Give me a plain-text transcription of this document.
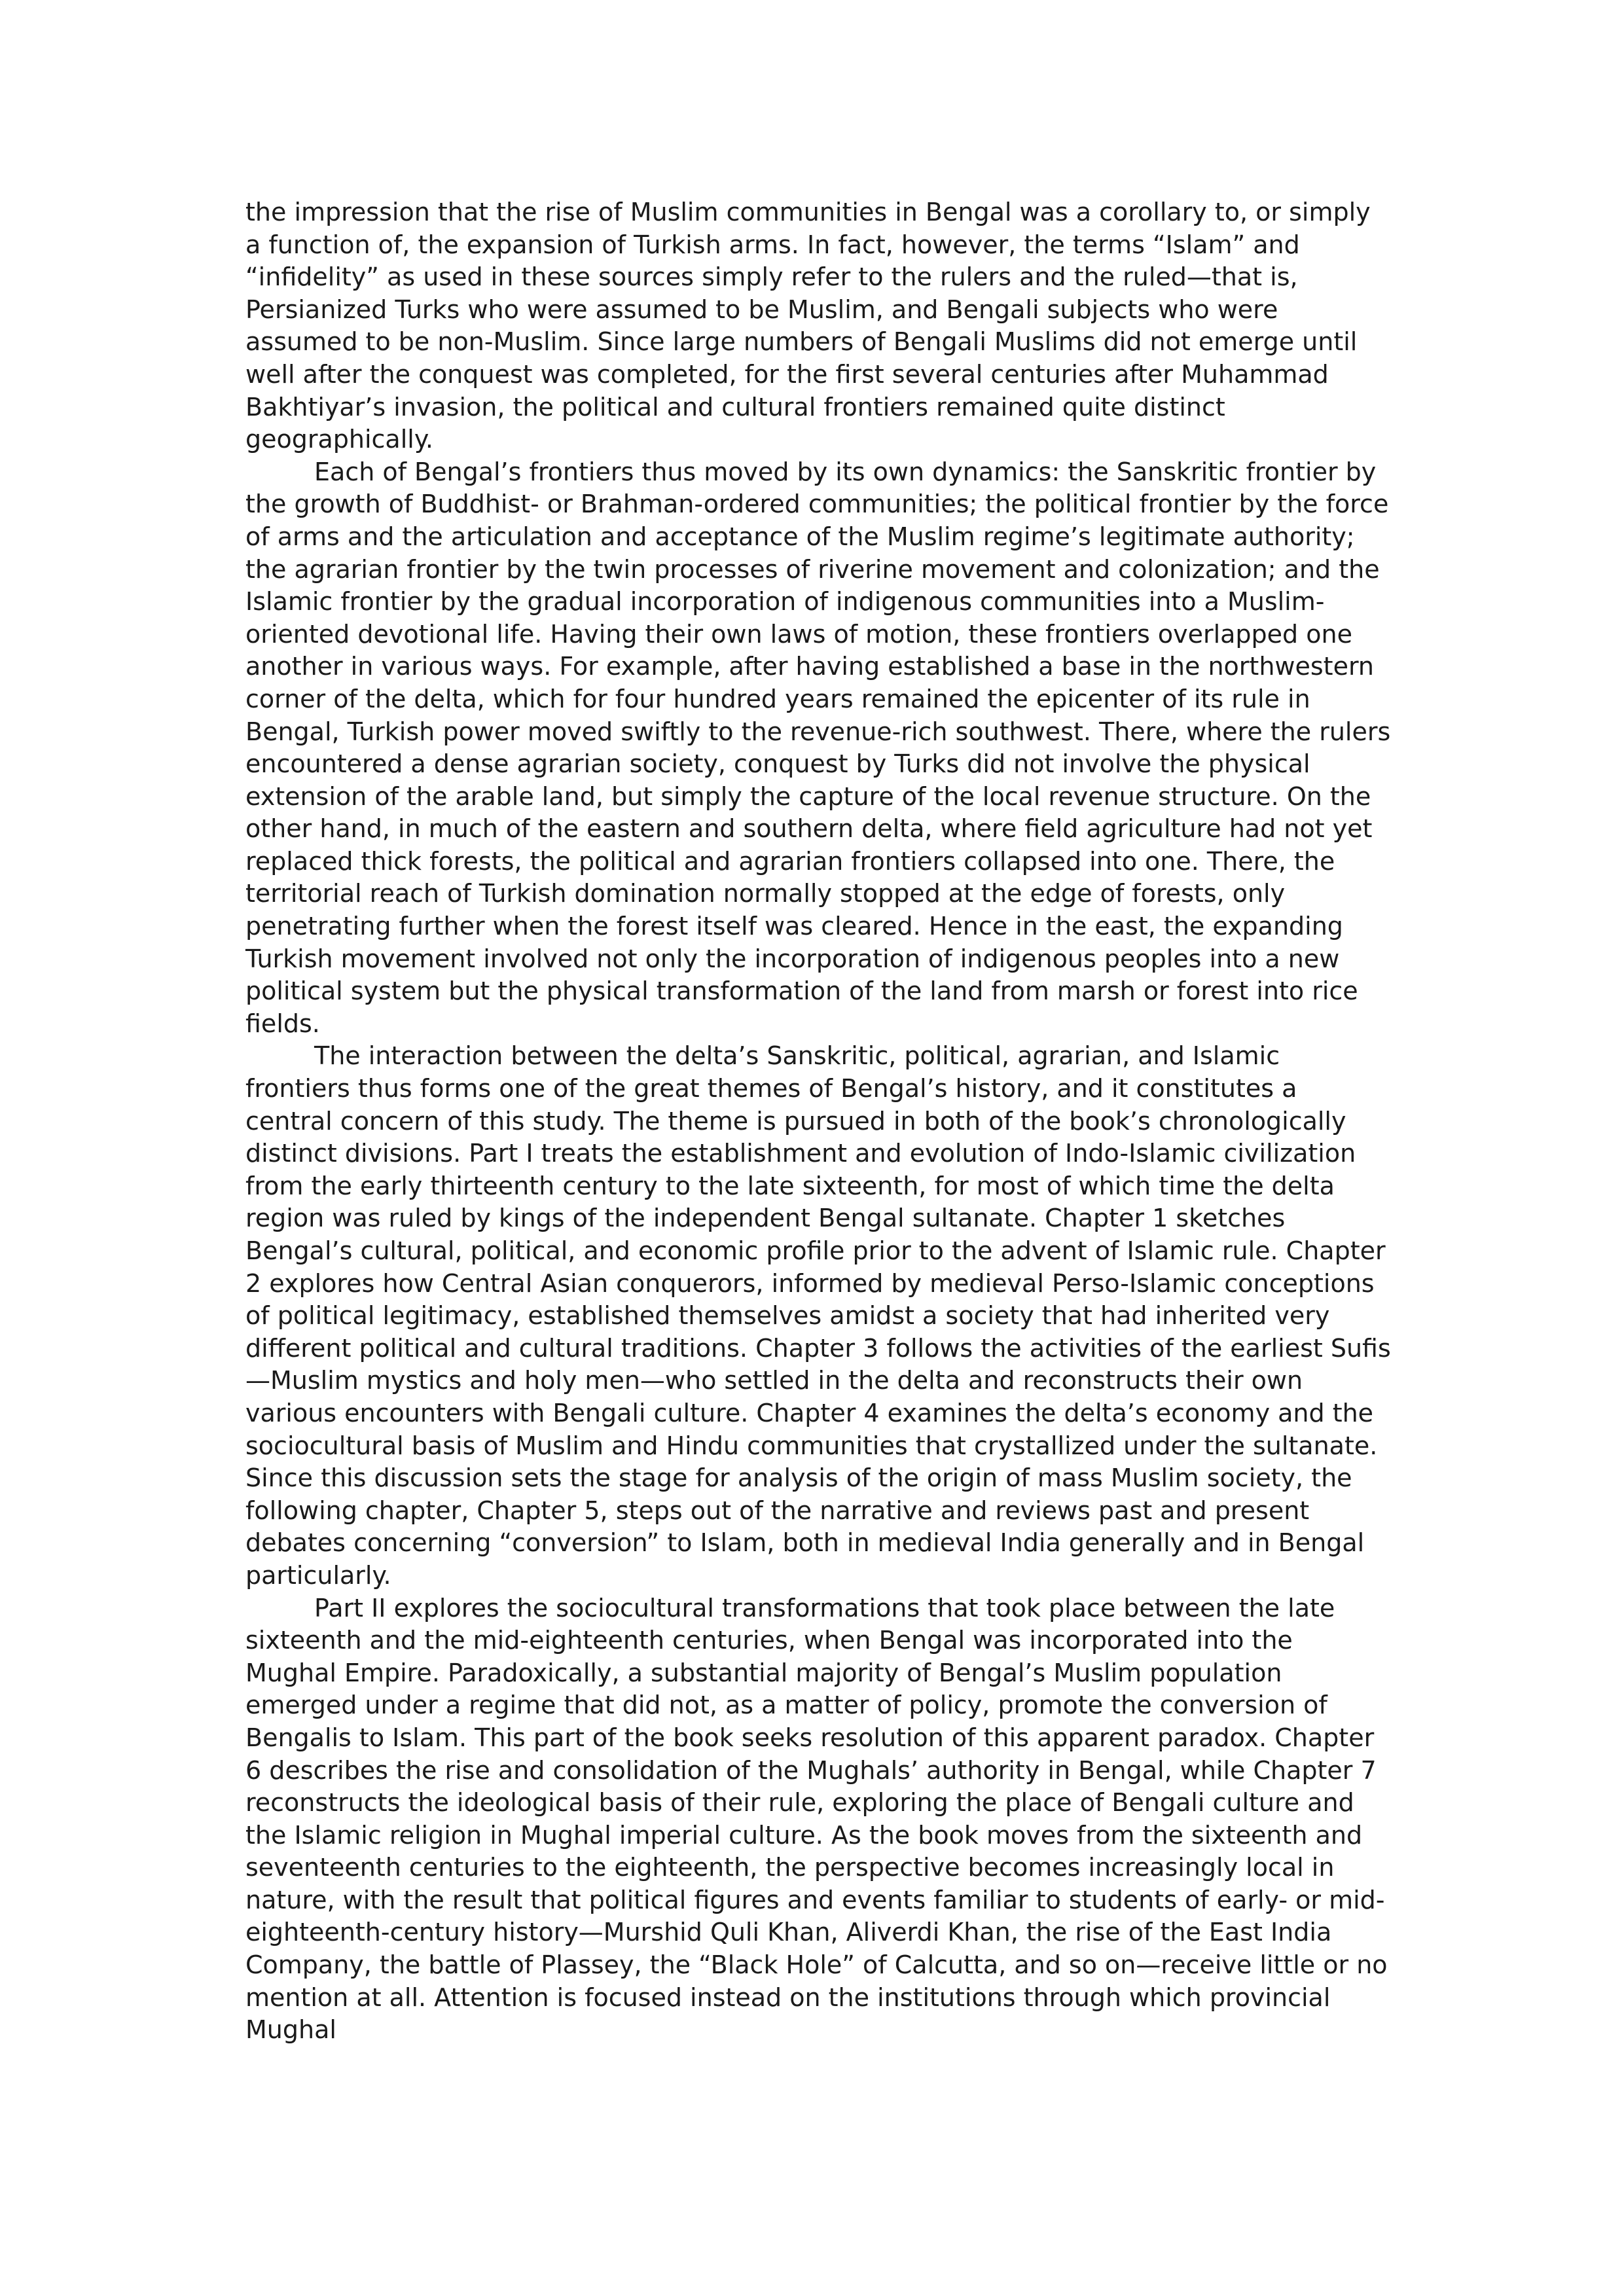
the impression that the rise of Muslim communities in Bengal was a corollary to, or simply a function of, the expansion of Turkish arms. In fact, however, the terms “Islam” and “infidelity” as used in these sources simply refer to the rulers and the ruled—that is, Persianized Turks who were assumed to be Muslim, and Bengali subjects who were assumed to be non-Muslim. Since large numbers of Bengali Muslims did not emerge until well after the conquest was completed, for the first several centuries after Muhammad Bakhtiyar’s invasion, the political and cultural frontiers remained quite distinct geographically.

Each of Bengal’s frontiers thus moved by its own dynamics: the Sanskritic frontier by the growth of Buddhist- or Brahman-ordered communities; the political frontier by the force of arms and the articulation and acceptance of the Muslim regime’s legitimate authority; the agrarian frontier by the twin processes of riverine movement and colonization; and the Islamic frontier by the gradual incorporation of indigenous communities into a Muslim-oriented devotional life. Having their own laws of motion, these frontiers overlapped one another in various ways. For example, after having established a base in the northwestern corner of the delta, which for four hundred years remained the epicenter of its rule in Bengal, Turkish power moved swiftly to the revenue-rich southwest. There, where the rulers encountered a dense agrarian society, conquest by Turks did not involve the physical extension of the arable land, but simply the capture of the local revenue structure. On the other hand, in much of the eastern and southern delta, where field agriculture had not yet replaced thick forests, the political and agrarian frontiers collapsed into one. There, the territorial reach of Turkish domination normally stopped at the edge of forests, only penetrating further when the forest itself was cleared. Hence in the east, the expanding Turkish movement involved not only the incorporation of indigenous peoples into a new political system but the physical transformation of the land from marsh or forest into rice fields.

The interaction between the delta’s Sanskritic, political, agrarian, and Islamic frontiers thus forms one of the great themes of Bengal’s history, and it constitutes a central concern of this study. The theme is pursued in both of the book’s chronologically distinct divisions. Part I treats the establishment and evolution of Indo-Islamic civilization from the early thirteenth century to the late sixteenth, for most of which time the delta region was ruled by kings of the independent Bengal sultanate. Chapter 1 sketches Bengal’s cultural, political, and economic profile prior to the advent of Islamic rule. Chapter 2 explores how Central Asian conquerors, informed by medieval Perso-Islamic conceptions of political legitimacy, established themselves amidst a society that had inherited very different political and cultural traditions. Chapter 3 follows the activities of the earliest Sufis—Muslim mystics and holy men—who settled in the delta and reconstructs their own various encounters with Bengali culture. Chapter 4 examines the delta’s economy and the sociocultural basis of Muslim and Hindu communities that crystallized under the sultanate. Since this discussion sets the stage for analysis of the origin of mass Muslim society, the following chapter, Chapter 5, steps out of the narrative and reviews past and present debates concerning “conversion” to Islam, both in medieval India generally and in Bengal particularly.

Part II explores the sociocultural transformations that took place between the late sixteenth and the mid-eighteenth centuries, when Bengal was incorporated into the Mughal Empire. Paradoxically, a substantial majority of Bengal’s Muslim population emerged under a regime that did not, as a matter of policy, promote the conversion of Bengalis to Islam. This part of the book seeks resolution of this apparent paradox. Chapter 6 describes the rise and consolidation of the Mughals’ authority in Bengal, while Chapter 7 reconstructs the ideological basis of their rule, exploring the place of Bengali culture and the Islamic religion in Mughal imperial culture. As the book moves from the sixteenth and seventeenth centuries to the eighteenth, the perspective becomes increasingly local in nature, with the result that political figures and events familiar to students of early- or mid-eighteenth-century history—Murshid Quli Khan, Aliverdi Khan, the rise of the East India Company, the battle of Plassey, the “Black Hole” of Calcutta, and so on—receive little or no mention at all. Attention is focused instead on the institutions through which provincial Mughal
